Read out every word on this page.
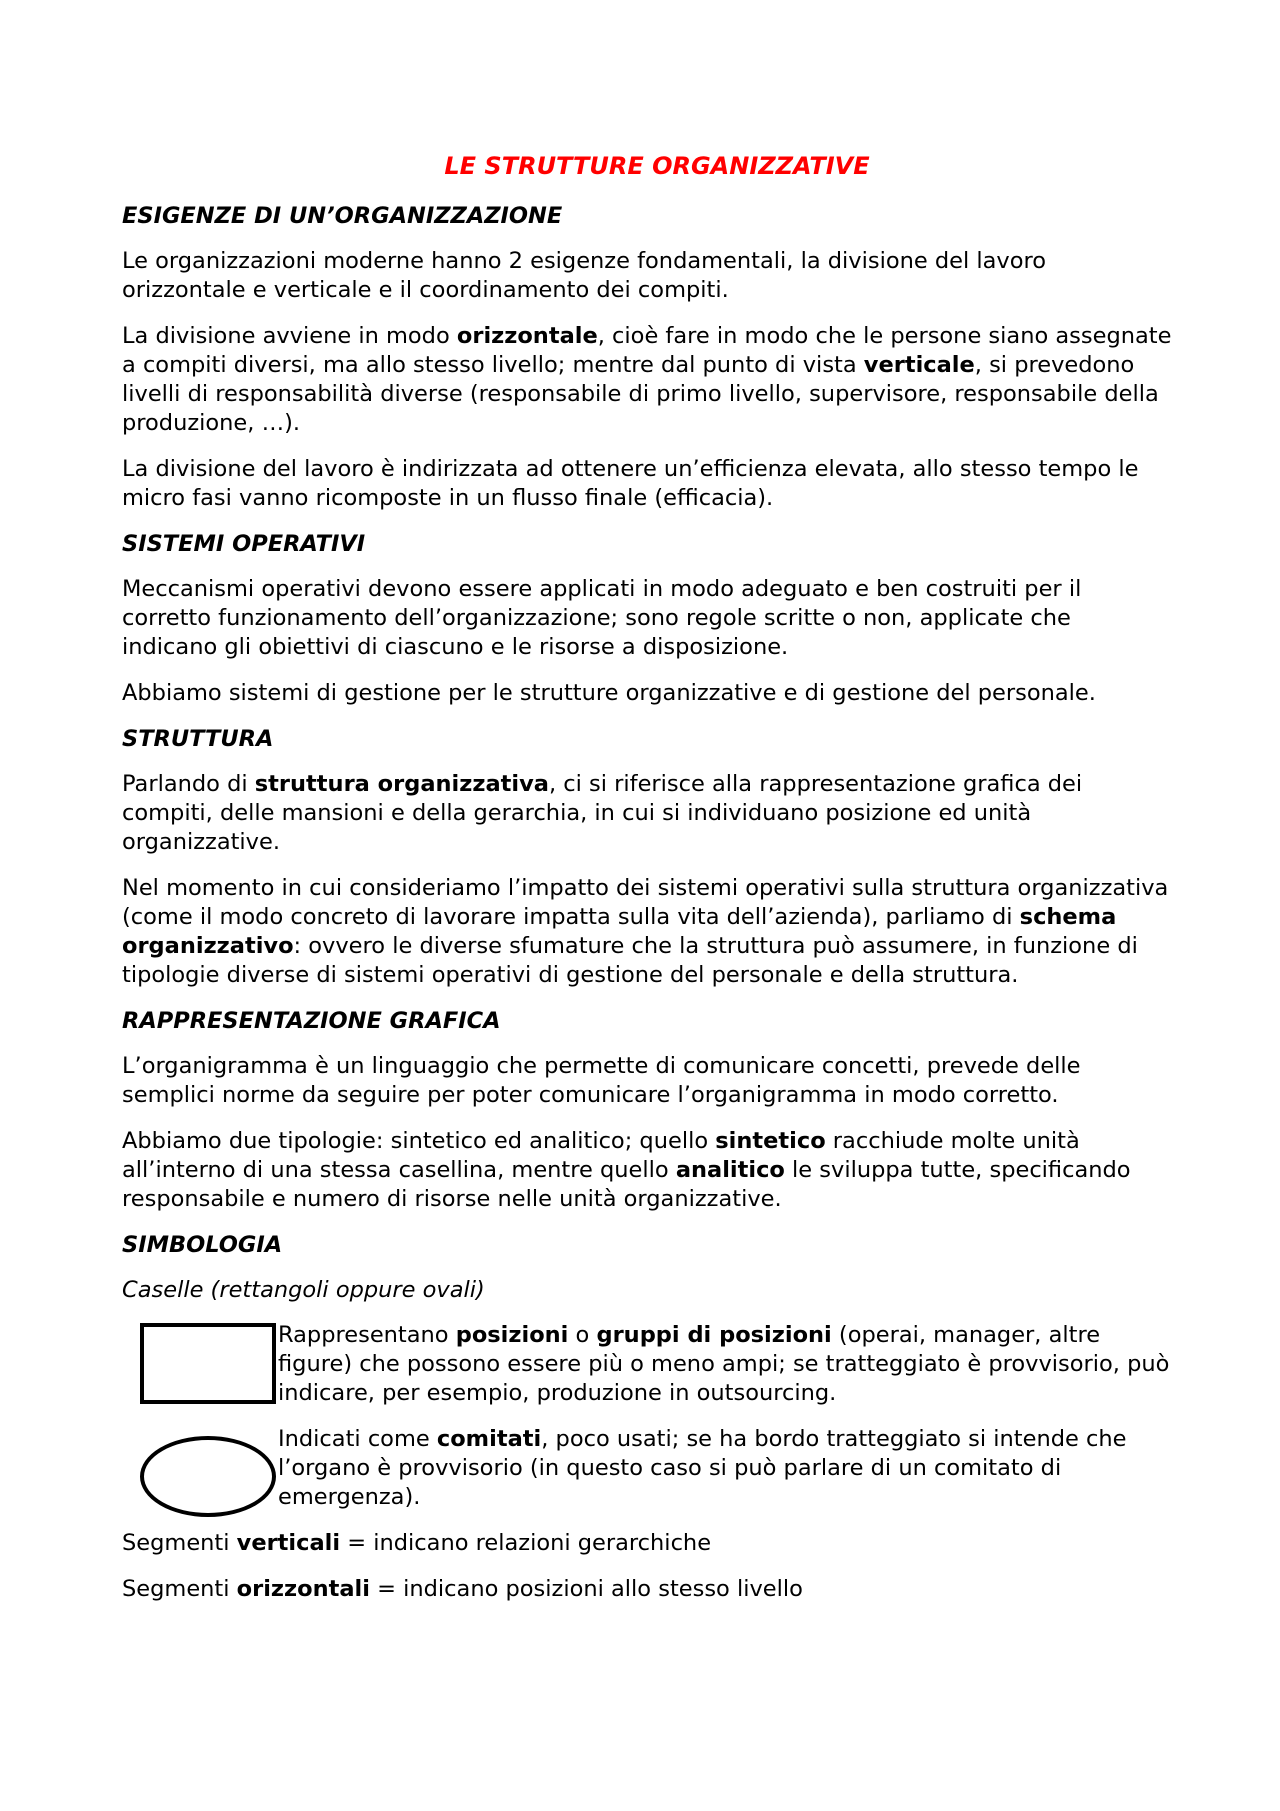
LE STRUTTURE ORGANIZZATIVE
ESIGENZE DI UN’ORGANIZZAZIONE

Le organizzazioni moderne hanno 2 esigenze fondamentali, la divisione del lavoro orizzontale e verticale e il coordinamento dei compiti.

La divisione avviene in modo orizzontale, cioè fare in modo che le persone siano assegnate a compiti diversi, ma allo stesso livello; mentre dal punto di vista verticale, si prevedono livelli di responsabilità diverse (responsabile di primo livello, supervisore, responsabile della produzione, …).

La divisione del lavoro è indirizzata ad ottenere un’efficienza elevata, allo stesso tempo le micro fasi vanno ricomposte in un flusso finale (efficacia).

SISTEMI OPERATIVI

Meccanismi operativi devono essere applicati in modo adeguato e ben costruiti per il corretto funzionamento dell’organizzazione; sono regole scritte o non, applicate che indicano gli obiettivi di ciascuno e le risorse a disposizione.

Abbiamo sistemi di gestione per le strutture organizzative e di gestione del personale.

STRUTTURA

Parlando di struttura organizzativa, ci si riferisce alla rappresentazione grafica dei compiti, delle mansioni e della gerarchia, in cui si individuano posizione ed unità organizzative.

Nel momento in cui consideriamo l’impatto dei sistemi operativi sulla struttura organizzativa (come il modo concreto di lavorare impatta sulla vita dell’azienda), parliamo di schema organizzativo: ovvero le diverse sfumature che la struttura può assumere, in funzione di tipologie diverse di sistemi operativi di gestione del personale e della struttura.

RAPPRESENTAZIONE GRAFICA

L’organigramma è un linguaggio che permette di comunicare concetti, prevede delle semplici norme da seguire per poter comunicare l’organigramma in modo corretto.

Abbiamo due tipologie: sintetico ed analitico; quello sintetico racchiude molte unità all’interno di una stessa casellina, mentre quello analitico le sviluppa tutte, specificando responsabile e numero di risorse nelle unità organizzative.

SIMBOLOGIA
Caselle (rettangoli oppure ovali)
Rappresentano posizioni o gruppi di posizioni (operai, manager, altre figure) che possono essere più o meno ampi; se tratteggiato è provvisorio, può indicare, per esempio, produzione in outsourcing.
Indicati come comitati, poco usati; se ha bordo tratteggiato si intende che l’organo è provvisorio (in questo caso si può parlare di un comitato di emergenza).

Segmenti verticali = indicano relazioni gerarchiche

Segmenti orizzontali = indicano posizioni allo stesso livello
